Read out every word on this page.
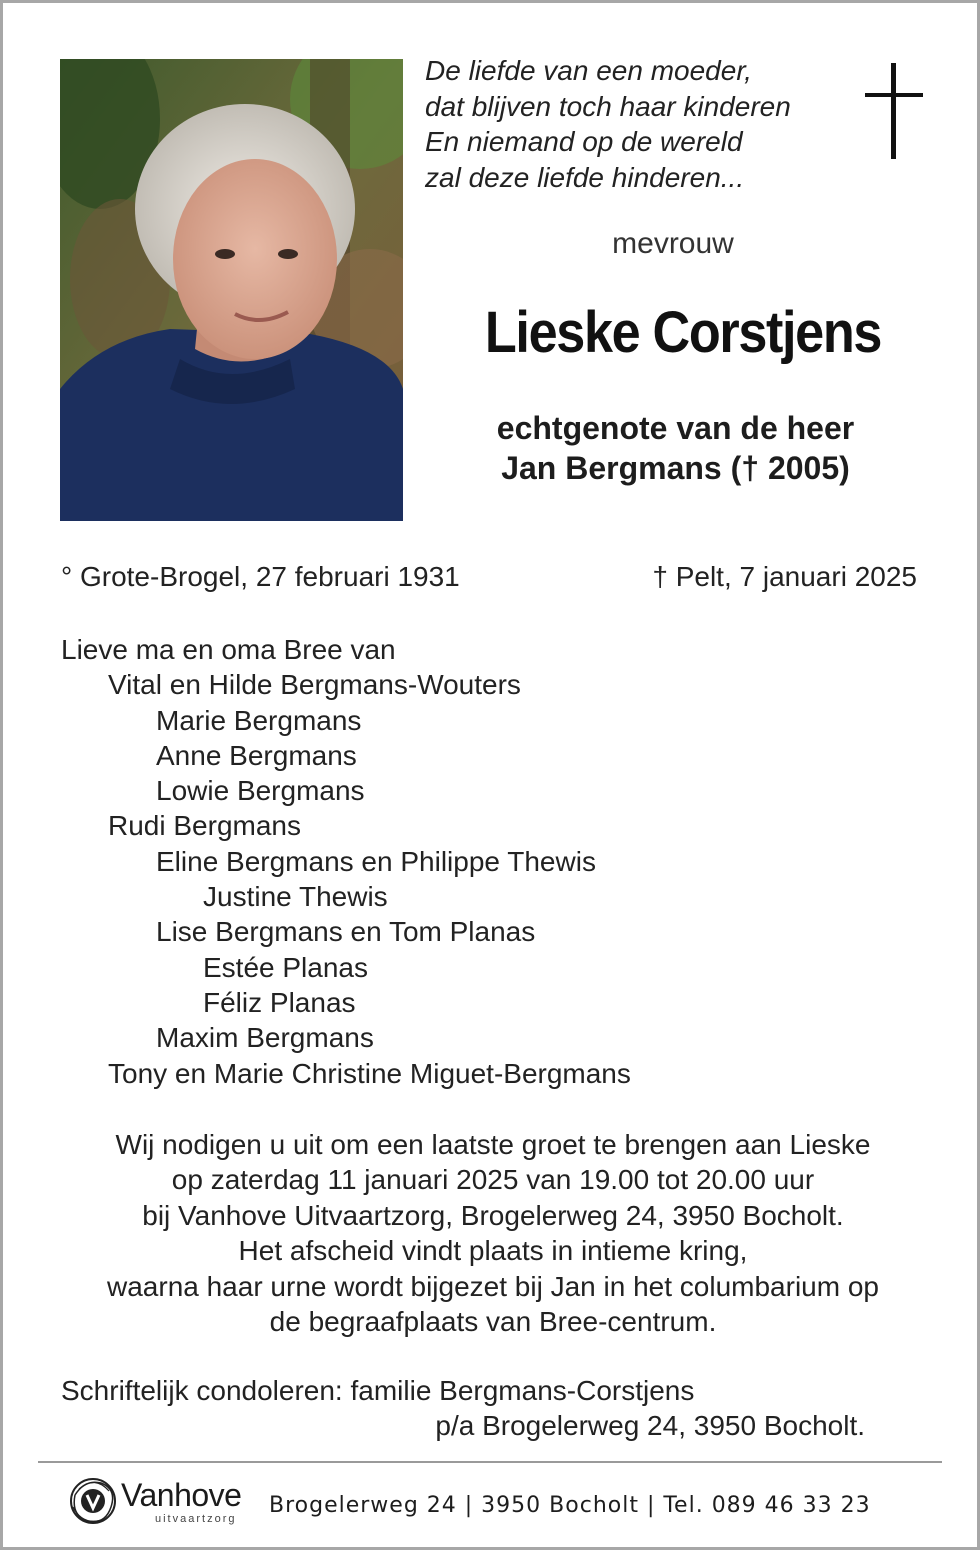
De liefde van een moeder,
dat blijven toch haar kinderen
En niemand op de wereld
zal deze liefde hinderen...
mevrouw
Lieske Corstjens
echtgenote van de heer
Jan Bergmans († 2005)
° Grote-Brogel, 27 februari 1931	† Pelt, 7 januari 2025
Lieve ma en oma Bree van
Vital en Hilde Bergmans-Wouters
Marie Bergmans
Anne Bergmans
Lowie Bergmans
Rudi Bergmans
Eline Bergmans en Philippe Thewis
Justine Thewis
Lise Bergmans en Tom Planas
Estée Planas
Féliz Planas
Maxim Bergmans
Tony en Marie Christine Miguet-Bergmans
Wij nodigen u uit om een laatste groet te brengen aan Lieske
op zaterdag 11 januari 2025 van 19.00 tot 20.00 uur
bij Vanhove Uitvaartzorg, Brogelerweg 24, 3950 Bocholt.
Het afscheid vindt plaats in intieme kring,
waarna haar urne wordt bijgezet bij Jan in het columbarium op
de begraafplaats van Bree-centrum.
Schriftelijk condoleren: familie Bergmans-Corstjens
p/a Brogelerweg 24, 3950 Bocholt.
Vanhove
uitvaartzorg
Brogelerweg 24 | 3950 Bocholt | Tel. 089 46 33 23
